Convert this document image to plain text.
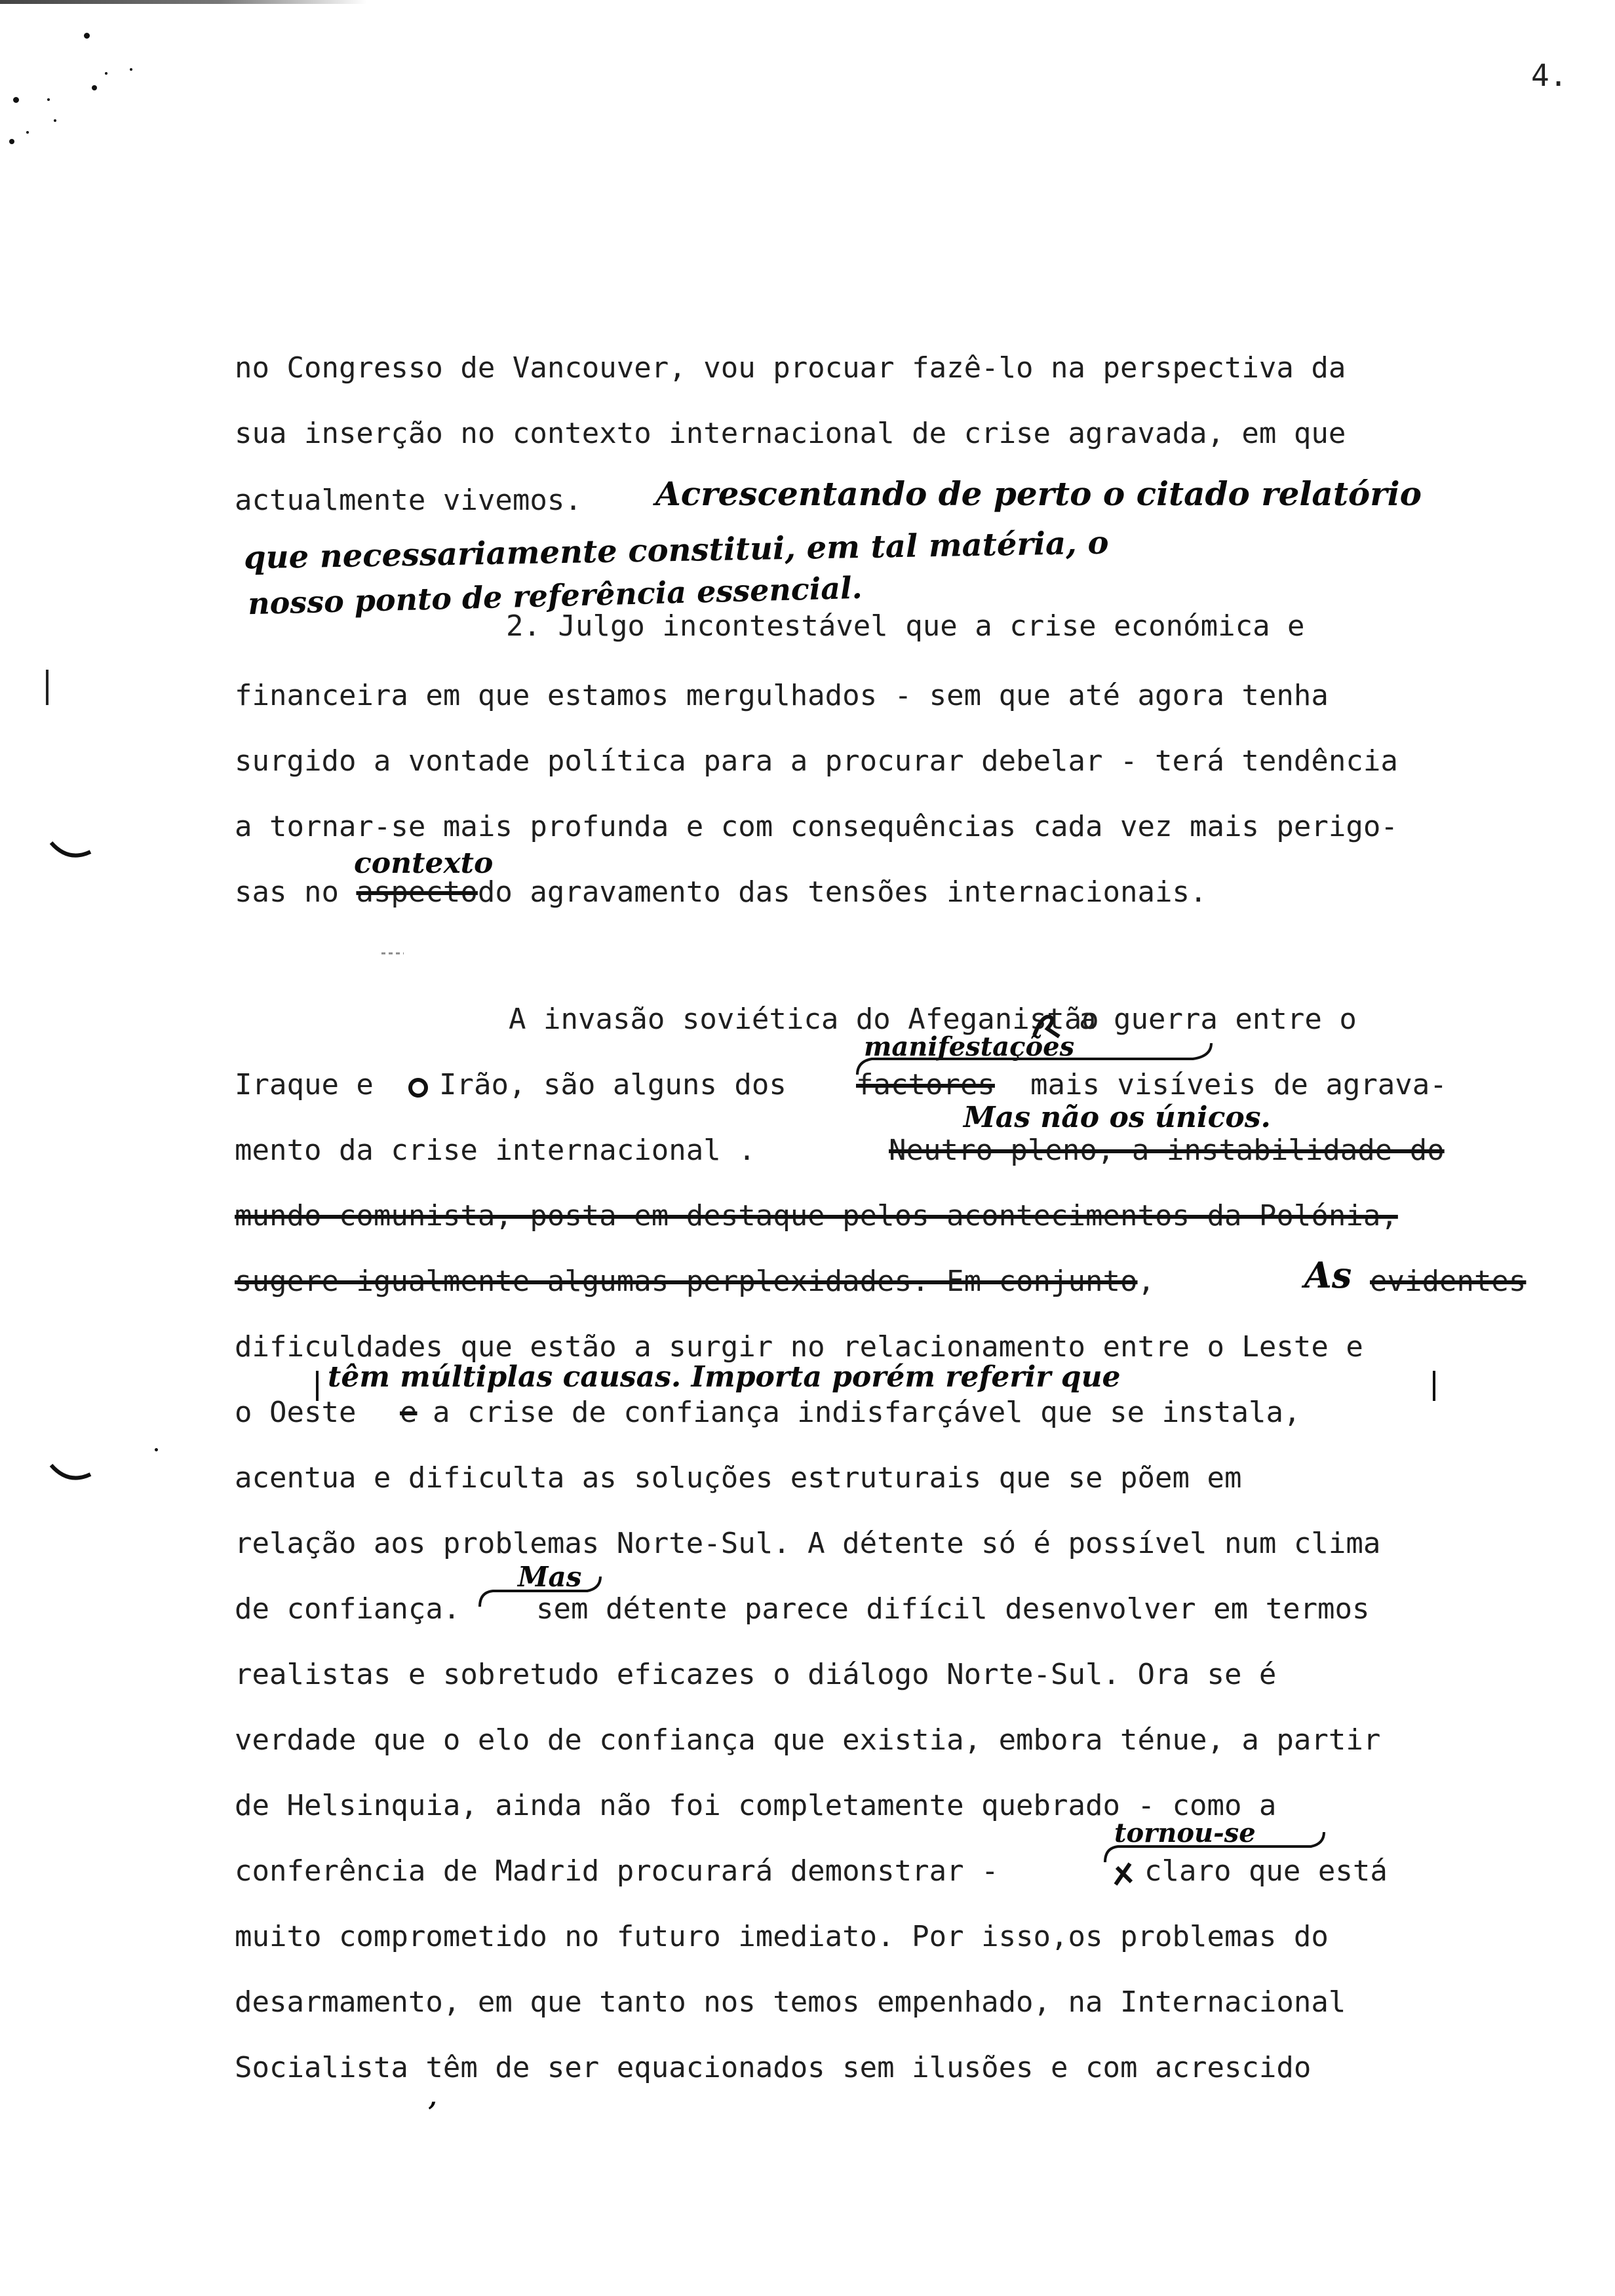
4.
no Congresso de Vancouver, vou procuar fazê-lo na perspectiva da
sua inserção no contexto internacional de crise agravada, em que
actualmente vivemos. Acrescentando de perto o citado relatório
que necessariamente constitui, em tal matéria, o
nosso ponto de referência essencial.
2. Julgo incontestável que a crise económica e
financeira em que estamos mergulhados - sem que até agora tenha
surgido a vontade política para a procurar debelar - terá tendência
a tornar-se mais profunda e com consequências cada vez mais perigo-
contexto
sas no aspectodo agravamento das tensões internacionais.
A invasão soviética do Afeganistão
a guerra entre o
manifestações
Iraque e Irão, são alguns dos factores mais visíveis de agrava-
Mas não os únicos.
mento da crise internacional .	Neutro pleno, a instabilidade do
mundo comunista, posta em destaque pelos acontecimentos da Polónia,
sugere igualmente algumas perplexidades. Em conjunto,	As evidentes
dificuldades que estão a surgir no relacionamento entre o Leste e
têm múltiplas causas. Importa porém referir que
o Oeste e a crise de confiança indisfarçável que se instala,
acentua e dificulta as soluções estruturais que se põem em
relação aos problemas Norte-Sul. A détente só é possível num clima
Mas
de confiança.	sem détente parece difícil desenvolver em termos
realistas e sobretudo eficazes o diálogo Norte-Sul. Ora se é
verdade que o elo de confiança que existia, embora ténue, a partir
de Helsinquia, ainda não foi completamente quebrado - como a
tornou-se
conferência de Madrid procurará demonstrar -	claro que está
muito comprometido no futuro imediato. Por isso,os problemas do
desarmamento, em que tanto nos temos empenhado, na Internacional
Socialista têm de ser equacionados sem ilusões e com acrescido
,
